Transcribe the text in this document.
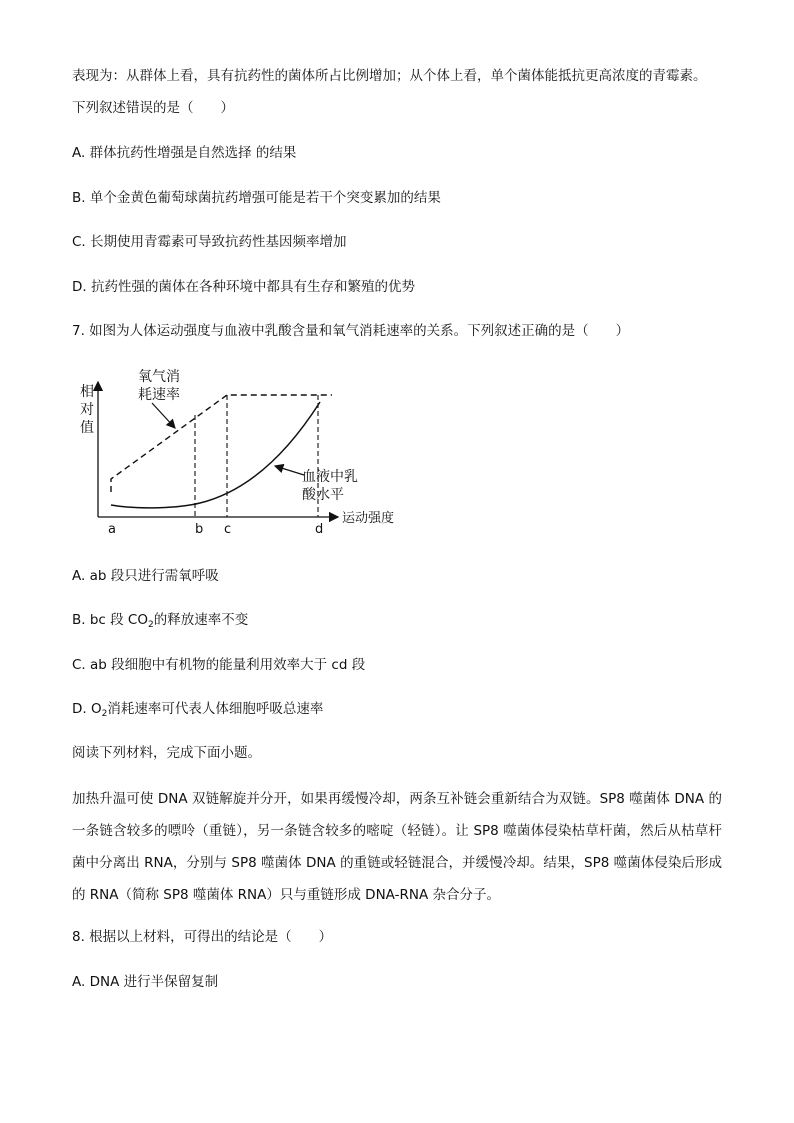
表现为：从群体上看，具有抗药性的菌体所占比例增加；从个体上看，单个菌体能抵抗更高浓度的青霉素。
下列叙述错误的是（　　）
A. 群体抗药性增强是自然选择 的结果
B. 单个金黄色葡萄球菌抗药增强可能是若干个突变累加的结果
C. 长期使用青霉素可导致抗药性基因频率增加
D. 抗药性强的菌体在各种环境中都具有生存和繁殖的优势
7. 如图为人体运动强度与血液中乳酸含量和氧气消耗速率的关系。下列叙述正确的是（　　）
相
对
值
运动强度
a	b c	d
氧气消
耗速率
血液中乳
酸水平
A. ab 段只进行需氧呼吸
B. bc 段 $CO_2$的释放速率不变
C. ab 段细胞中有机物的能量利用效率大于 cd 段
D. $O_2$消耗速率可代表人体细胞呼吸总速率
阅读下列材料，完成下面小题。
加热升温可使 DNA 双链解旋并分开，如果再缓慢冷却，两条互补链会重新结合为双链。SP8 噬菌体 DNA 的一条链含较多的嘌呤（重链），另一条链含较多的嘧啶（轻链）。让 SP8 噬菌体侵染枯草杆菌，然后从枯草杆菌中分离出 RNA，分别与 SP8 噬菌体 DNA 的重链或轻链混合，并缓慢冷却。结果，SP8 噬菌体侵染后形成的 RNA（简称 SP8 噬菌体 RNA）只与重链形成 DNA-RNA 杂合分子。
8. 根据以上材料，可得出的结论是（　　）
A. DNA 进行半保留复制
